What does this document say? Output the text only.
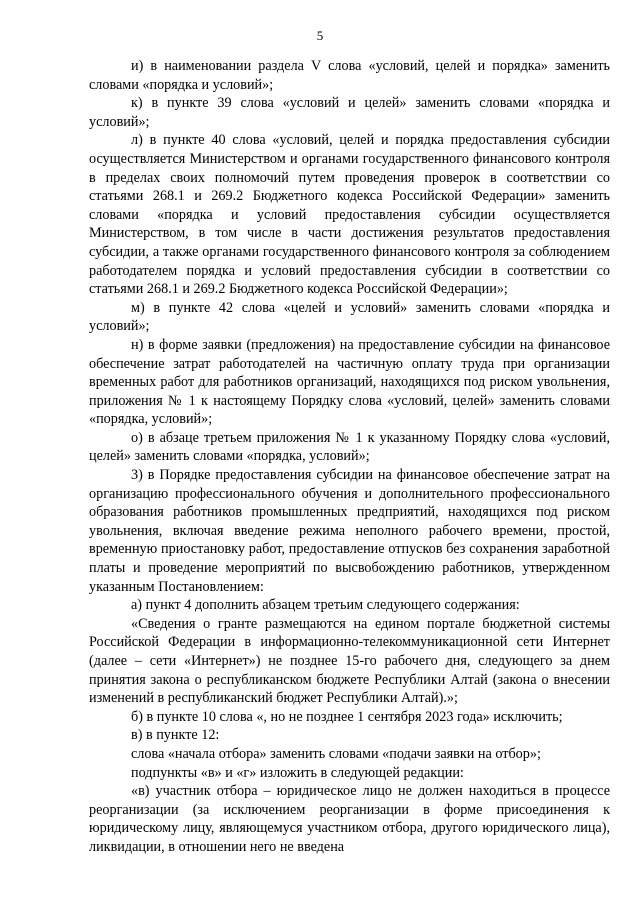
5

и) в наименовании раздела V слова «условий, целей и порядка» заменить словами «порядка и условий»;

к) в пункте 39 слова «условий и целей» заменить словами «порядка и условий»;

л) в пункте 40 слова «условий, целей и порядка предоставления субсидии осуществляется Министерством и органами государственного финансового контроля в пределах своих полномочий путем проведения проверок в соответствии со статьями 268.1 и 269.2 Бюджетного кодекса Российской Федерации» заменить словами «порядка и условий предоставления субсидии осуществляется Министерством, в том числе в части достижения результатов предоставления субсидии, а также органами государственного финансового контроля за соблюдением работодателем порядка и условий предоставления субсидии в соответствии со статьями 268.1 и 269.2 Бюджетного кодекса Российской Федерации»;

м) в пункте 42 слова «целей и условий» заменить словами «порядка и условий»;

н) в форме заявки (предложения) на предоставление субсидии на финансовое обеспечение затрат работодателей на частичную оплату труда при организации временных работ для работников организаций, находящихся под риском увольнения, приложения № 1 к настоящему Порядку слова «условий, целей» заменить словами «порядка, условий»;

о) в абзаце третьем приложения № 1 к указанному Порядку слова «условий, целей» заменить словами «порядка, условий»;

3) в Порядке предоставления субсидии на финансовое обеспечение затрат на организацию профессионального обучения и дополнительного профессионального образования работников промышленных предприятий, находящихся под риском увольнения, включая введение режима неполного рабочего времени, простой, временную приостановку работ, предоставление отпусков без сохранения заработной платы и проведение мероприятий по высвобождению работников, утвержденном указанным Постановлением:

а) пункт 4 дополнить абзацем третьим следующего содержания:

«Сведения о гранте размещаются на едином портале бюджетной системы Российской Федерации в информационно-телекоммуникационной сети Интернет (далее – сети «Интернет») не позднее 15-го рабочего дня, следующего за днем принятия закона о республиканском бюджете Республики Алтай (закона о внесении изменений в республиканский бюджет Республики Алтай).»;

б) в пункте 10 слова «, но не позднее 1 сентября 2023 года» исключить;

в) в пункте 12:

слова «начала отбора» заменить словами «подачи заявки на отбор»;

подпункты «в» и «г» изложить в следующей редакции:

«в) участник отбора – юридическое лицо не должен находиться в процессе реорганизации (за исключением реорганизации в форме присоединения к юридическому лицу, являющемуся участником отбора, другого юридического лица), ликвидации, в отношении него не введена
